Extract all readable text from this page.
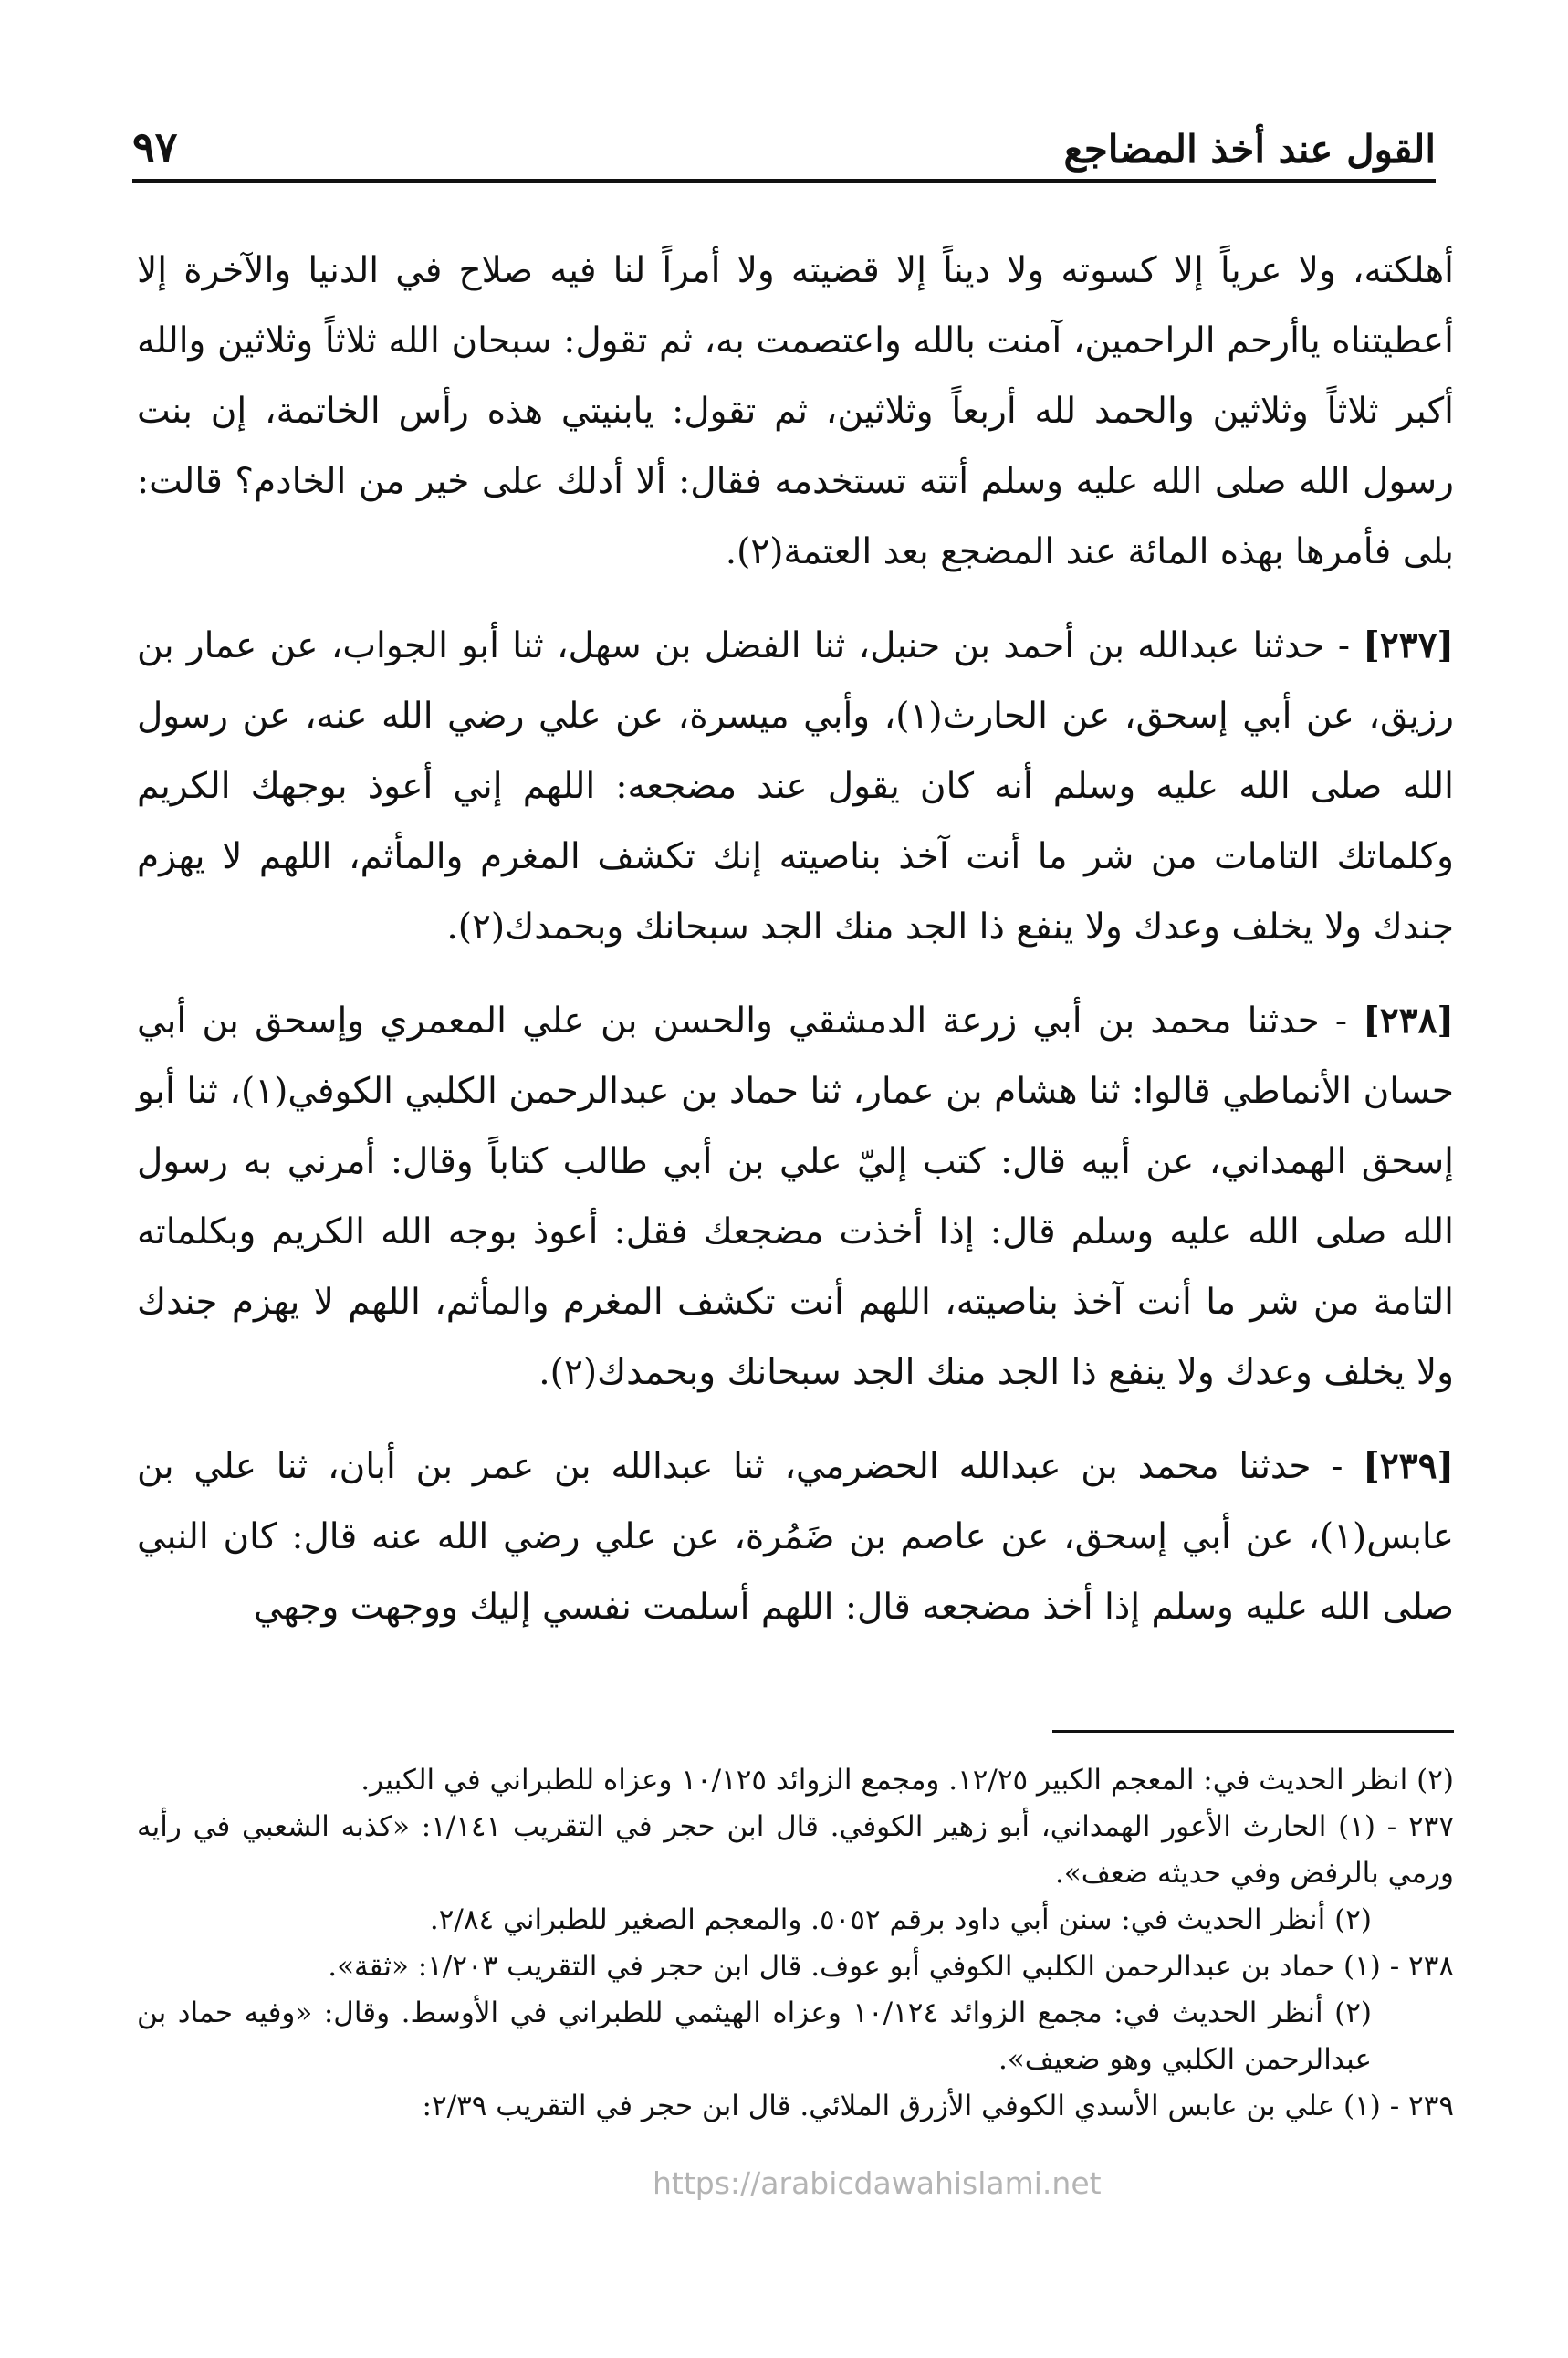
القول عند أخذ المضاجع
٩٧

أهلكته، ولا عرياً إلا كسوته ولا ديناً إلا قضيته ولا أمراً لنا فيه صلاح في الدنيا والآخرة إلا أعطيتناه ياأرحم الراحمين، آمنت بالله واعتصمت به، ثم تقول: سبحان الله ثلاثاً وثلاثين والله أكبر ثلاثاً وثلاثين والحمد لله أربعاً وثلاثين، ثم تقول: يابنيتي هذه رأس الخاتمة، إن بنت رسول الله صلى الله عليه وسلم أتته تستخدمه فقال: ألا أدلك على خير من الخادم؟ قالت: بلى فأمرها بهذه المائة عند المضجع بعد العتمة(٢).

[٢٣٧] - حدثنا عبدالله بن أحمد بن حنبل، ثنا الفضل بن سهل، ثنا أبو الجواب، عن عمار بن رزيق، عن أبي إسحق، عن الحارث(١)، وأبي ميسرة، عن علي رضي الله عنه، عن رسول الله صلى الله عليه وسلم أنه كان يقول عند مضجعه: اللهم إني أعوذ بوجهك الكريم وكلماتك التامات من شر ما أنت آخذ بناصيته إنك تكشف المغرم والمأثم، اللهم لا يهزم جندك ولا يخلف وعدك ولا ينفع ذا الجد منك الجد سبحانك وبحمدك(٢).

[٢٣٨] - حدثنا محمد بن أبي زرعة الدمشقي والحسن بن علي المعمري وإسحق بن أبي حسان الأنماطي قالوا: ثنا هشام بن عمار، ثنا حماد بن عبدالرحمن الكلبي الكوفي(١)، ثنا أبو إسحق الهمداني، عن أبيه قال: كتب إليّ علي بن أبي طالب كتاباً وقال: أمرني به رسول الله صلى الله عليه وسلم قال: إذا أخذت مضجعك فقل: أعوذ بوجه الله الكريم وبكلماته التامة من شر ما أنت آخذ بناصيته، اللهم أنت تكشف المغرم والمأثم، اللهم لا يهزم جندك ولا يخلف وعدك ولا ينفع ذا الجد منك الجد سبحانك وبحمدك(٢).

[٢٣٩] - حدثنا محمد بن عبدالله الحضرمي، ثنا عبدالله بن عمر بن أبان، ثنا علي بن عابس(١)، عن أبي إسحق، عن عاصم بن ضَمُرة، عن علي رضي الله عنه قال: كان النبي صلى الله عليه وسلم إذا أخذ مضجعه قال: اللهم أسلمت نفسي إليك ووجهت وجهي

(٢) انظر الحديث في: المعجم الكبير ١٢/٢٥. ومجمع الزوائد ١٠/١٢٥ وعزاه للطبراني في الكبير.

٢٣٧ - (١) الحارث الأعور الهمداني، أبو زهير الكوفي. قال ابن حجر في التقريب ١/١٤١: «كذبه الشعبي في رأيه ورمي بالرفض وفي حديثه ضعف».

(٢) أنظر الحديث في: سنن أبي داود برقم ٥٠٥٢. والمعجم الصغير للطبراني ٢/٨٤.

٢٣٨ - (١) حماد بن عبدالرحمن الكلبي الكوفي أبو عوف. قال ابن حجر في التقريب ١/٢٠٣: «ثقة».

(٢) أنظر الحديث في: مجمع الزوائد ١٠/١٢٤ وعزاه الهيثمي للطبراني في الأوسط. وقال: «وفيه حماد بن عبدالرحمن الكلبي وهو ضعيف».

٢٣٩ - (١) علي بن عابس الأسدي الكوفي الأزرق الملائي. قال ابن حجر في التقريب ٢/٣٩:

https://arabicdawahislami.net
